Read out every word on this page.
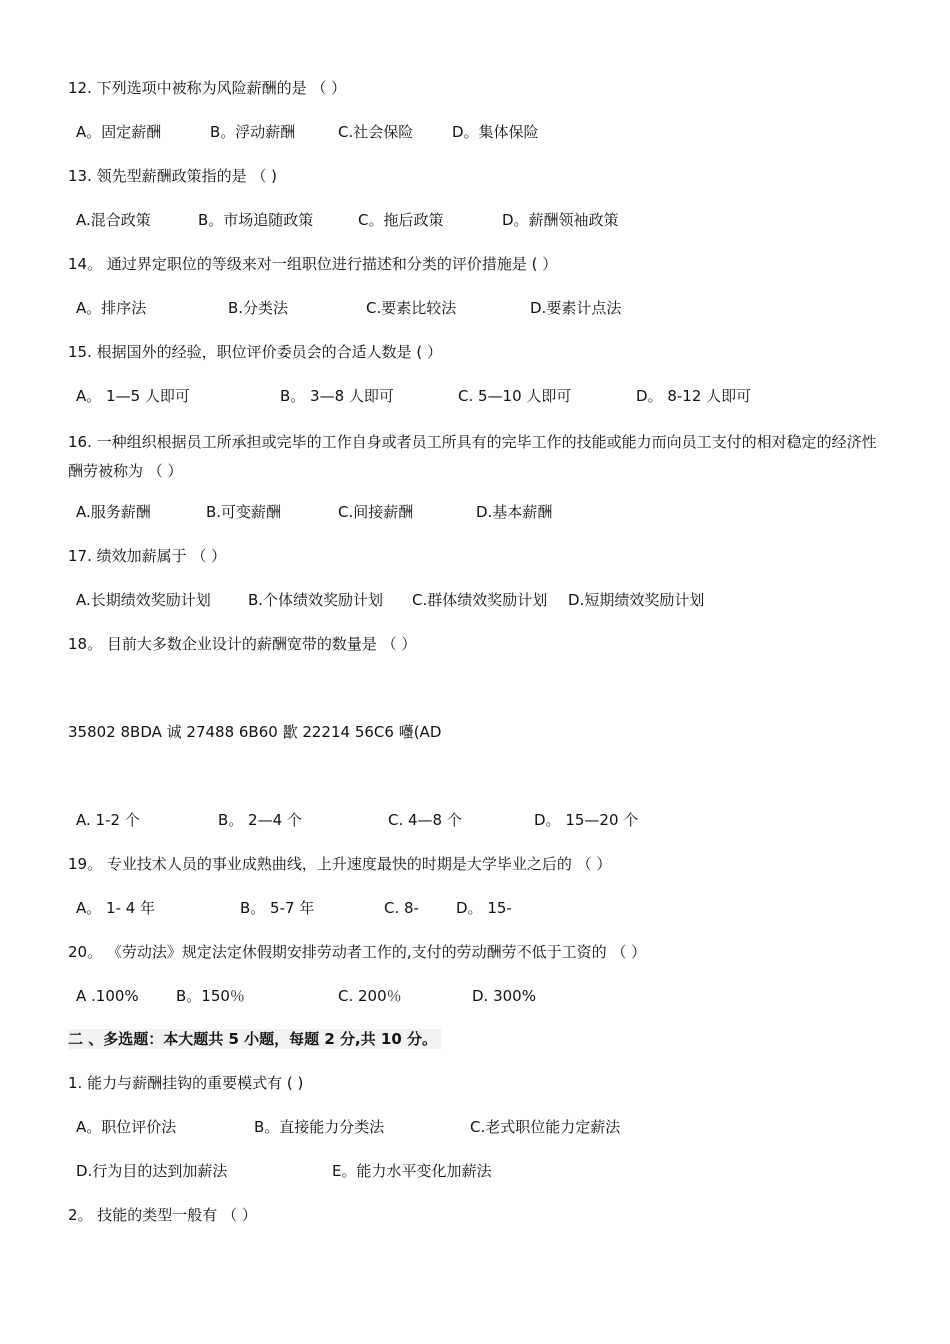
12. 下列选项中被称为风险薪酬的是 （ ）
A。固定薪酬	B。浮动薪酬	C.社会保险	D。集体保险
13. 领先型薪酬政策指的是 （ )
A.混合政策	B。市场追随政策	C。拖后政策	D。薪酬领袖政策
14。 通过界定职位的等级来对一组职位进行描述和分类的评价措施是 ( ）
A。排序法	B.分类法	C.要素比较法	D.要素计点法
15. 根据国外的经验，职位评价委员会的合适人数是 ( ）
A。 1—5 人即可	B。 3—8 人即可	C. 5—10 人即可	D。 8-12 人即可
16. 一种组织根据员工所承担或完毕的工作自身或者员工所具有的完毕工作的技能或能力而向员工支付的相对稳定的经济性酬劳被称为 （ ）
A.服务薪酬	B.可变薪酬	C.间接薪酬	D.基本薪酬
17. 绩效加薪属于 （ ）
A.长期绩效奖励计划 B.个体绩效奖励计划 C.群体绩效奖励计划 D.短期绩效奖励计划
18。 目前大多数企业设计的薪酬宽带的数量是 （ ）
35802 8BDA 诚 27488 6B60 歠 22214 56C6 囆(AD
A. 1-2 个	B。 2—4 个	C. 4—8 个	D。 15—20 个
19。 专业技术人员的事业成熟曲线，上升速度最快的时期是大学毕业之后的 （ ）
A。 1- 4 年	B。 5-7 年	C. 8- D。 15-
20。 《劳动法》规定法定休假期安排劳动者工作的,支付的劳动酬劳不低于工资的 （ ）
A .100% B。150％	C. 200％	D. 300%
二 、多选题：本大题共 5 小题，每题 2 分,共 10 分。
1. 能力与薪酬挂钩的重要模式有 ( )
A。职位评价法	B。直接能力分类法	C.老式职位能力定薪法
D.行为目的达到加薪法	E。能力水平变化加薪法
2。 技能的类型一般有 （ ）
